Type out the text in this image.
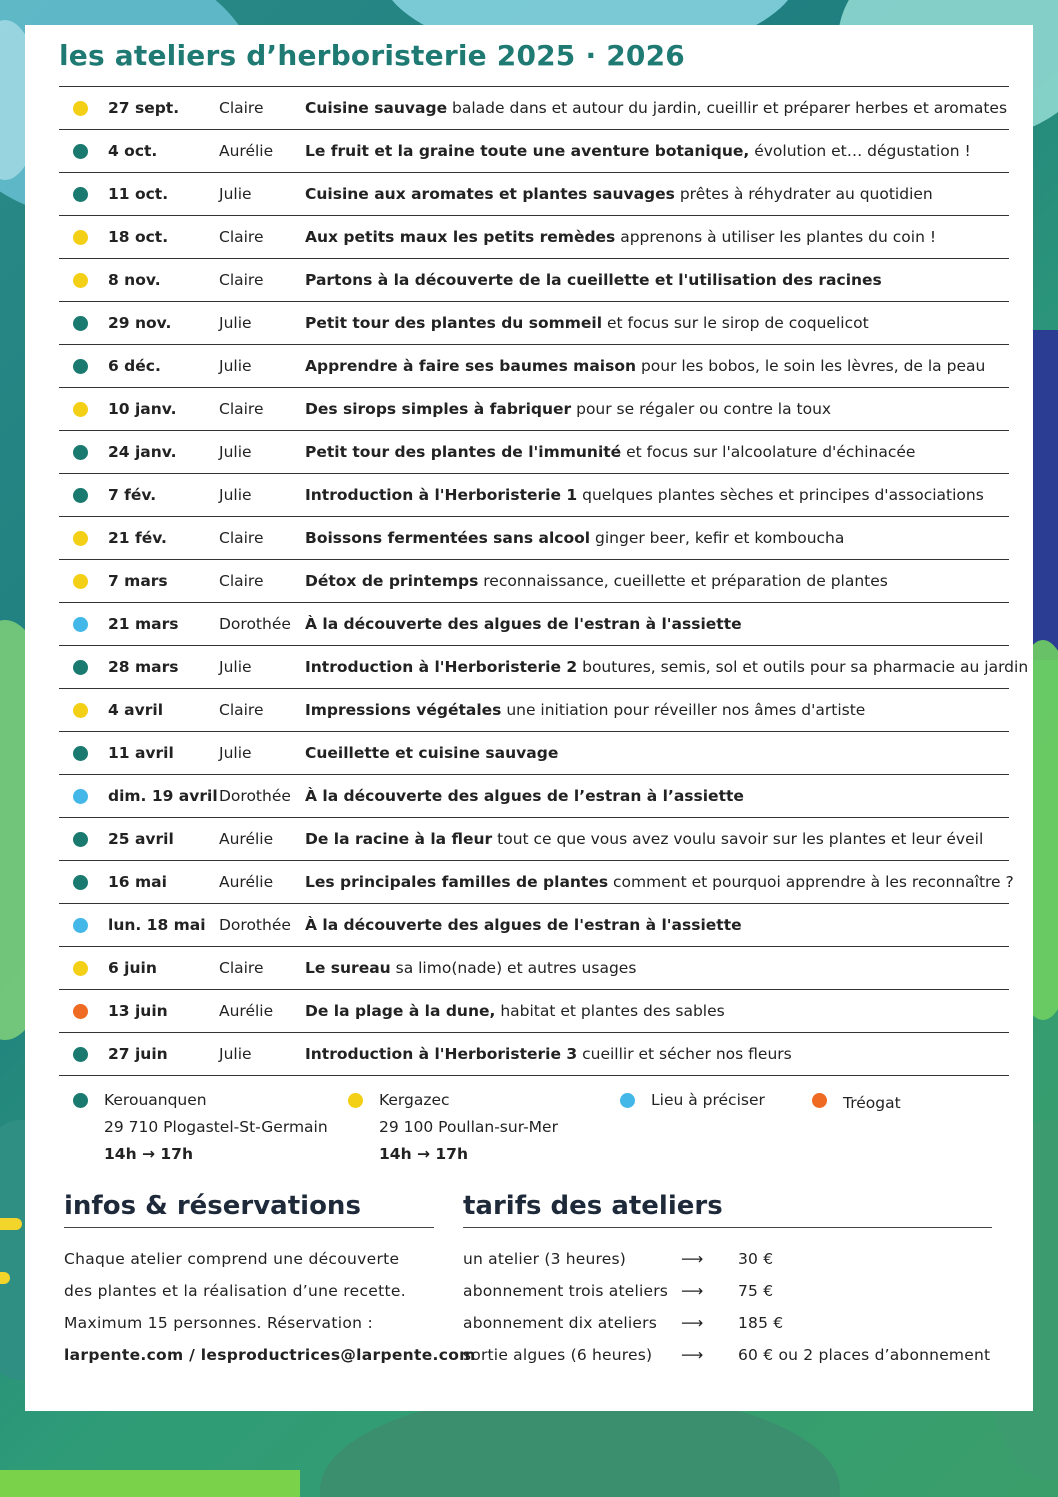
les ateliers d’herboristerie 2025 · 2026
27 sept.	Claire	Cuisine sauvage balade dans et autour du jardin, cueillir et préparer herbes et aromates
4 oct.	Aurélie Le fruit et la graine toute une aventure botanique, évolution et… dégustation !
11 oct.	Julie	Cuisine aux aromates et plantes sauvages prêtes à réhydrater au quotidien
18 oct.	Claire	Aux petits maux les petits remèdes apprenons à utiliser les plantes du coin !
8 nov.	Claire	Partons à la découverte de la cueillette et l'utilisation des racines
29 nov.	Julie	Petit tour des plantes du sommeil et focus sur le sirop de coquelicot
6 déc.	Julie	Apprendre à faire ses baumes maison pour les bobos, le soin les lèvres, de la peau
10 janv.	Claire	Des sirops simples à fabriquer pour se régaler ou contre la toux
24 janv.	Julie	Petit tour des plantes de l'immunité et focus sur l'alcoolature d'échinacée
7 fév.	Julie	Introduction à l'Herboristerie 1 quelques plantes sèches et principes d'associations
21 fév.	Claire	Boissons fermentées sans alcool ginger beer, kefir et komboucha
7 mars	Claire	Détox de printemps reconnaissance, cueillette et préparation de plantes
21 mars	Dorothée À la découverte des algues de l'estran à l'assiette
28 mars	Julie	Introduction à l'Herboristerie 2 boutures, semis, sol et outils pour sa pharmacie au jardin
4 avril	Claire	Impressions végétales une initiation pour réveiller nos âmes d'artiste
11 avril	Julie	Cueillette et cuisine sauvage
dim. 19 avril Dorothée À la découverte des algues de l’estran à l’assiette
25 avril	Aurélie De la racine à la fleur tout ce que vous avez voulu savoir sur les plantes et leur éveil
16 mai	Aurélie Les principales familles de plantes comment et pourquoi apprendre à les reconnaître ?
lun. 18 mai Dorothée À la découverte des algues de l'estran à l'assiette
6 juin	Claire	Le sureau sa limo(nade) et autres usages
13 juin	Aurélie De la plage à la dune, habitat et plantes des sables
27 juin	Julie	Introduction à l'Herboristerie 3 cueillir et sécher nos fleurs
Kerouanquen
29 710 Plogastel-St-Germain
14h → 17h
Kergazec
29 100 Poullan-sur-Mer
14h → 17h
Lieu à préciser	Tréogat
infos & réservations
Chaque atelier comprend une découverte
des plantes et la réalisation d’une recette.
Maximum 15 personnes. Réservation :
larpente.com / lesproductrices@larpente.com
tarifs des ateliers
un atelier (3 heures)	⟶ 30 €
abonnement trois ateliers ⟶ 75 €
abonnement dix ateliers ⟶ 185 €
sortie algues (6 heures) ⟶ 60 € ou 2 places d’abonnement
